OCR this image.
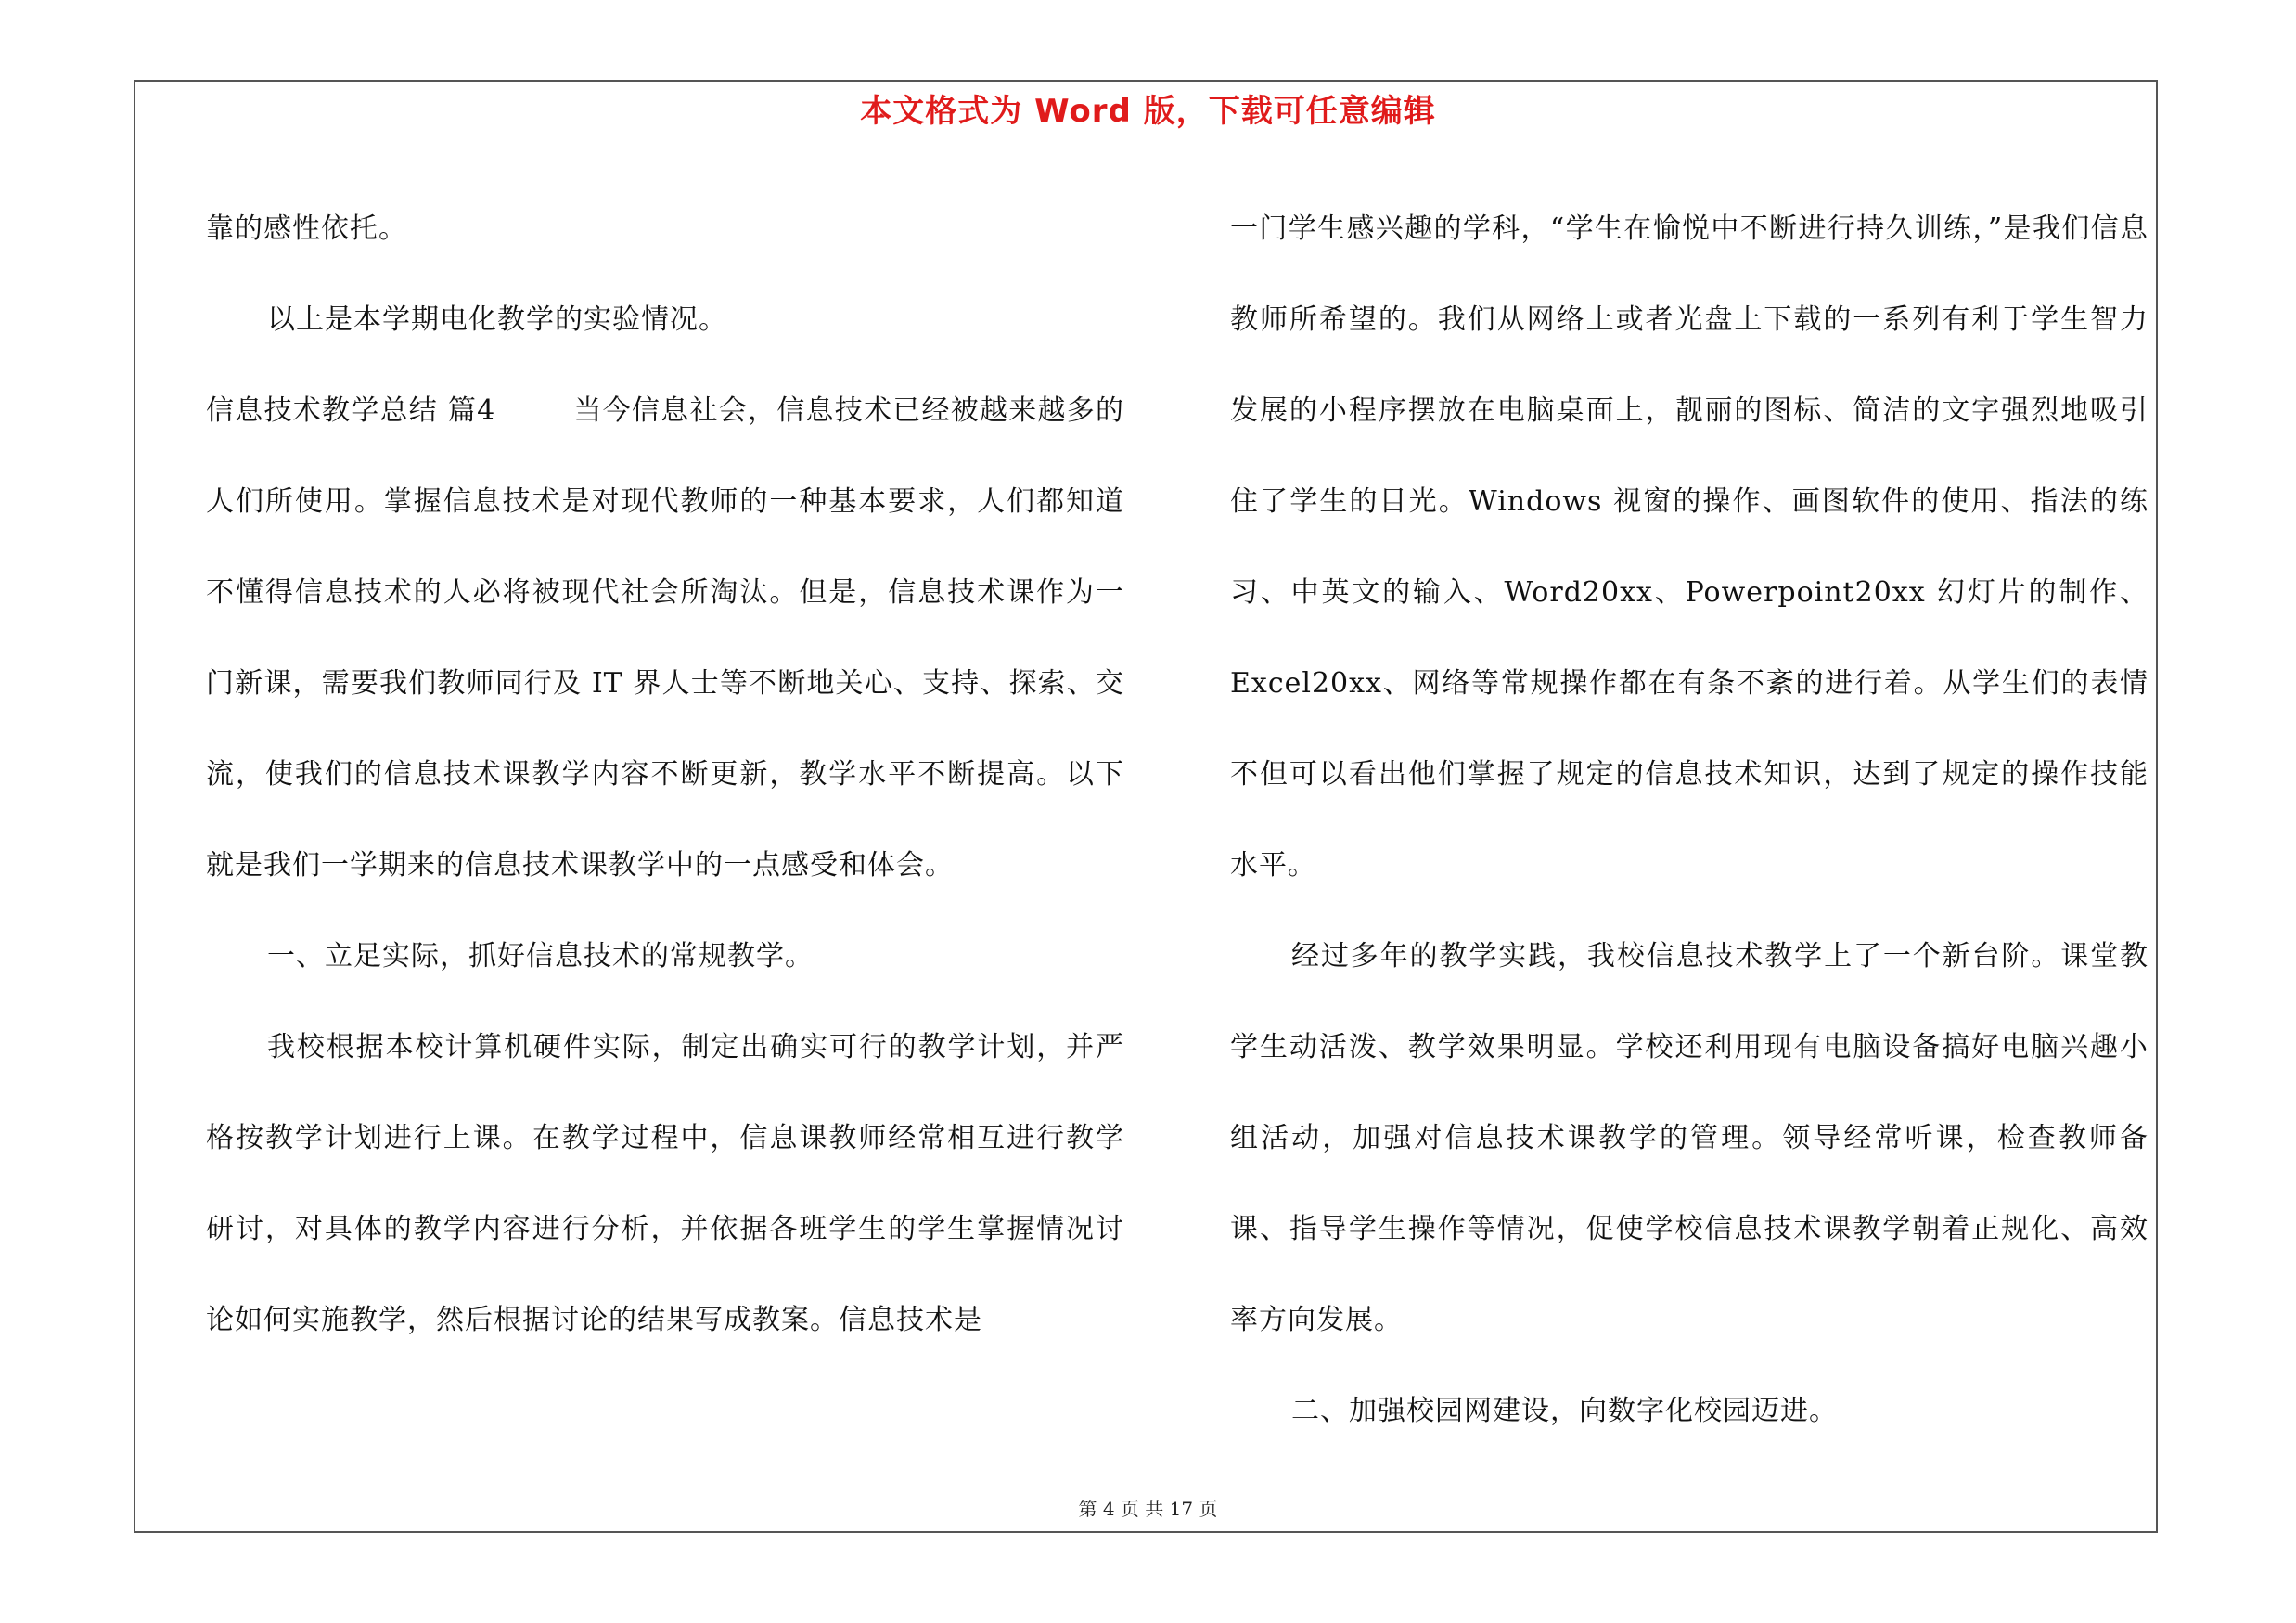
本文格式为 Word 版，下载可任意编辑

靠的感性依托。

以上是本学期电化教学的实验情况。

信息技术教学总结 篇4	当今信息社会，信息技术已经被越来越多的人们所使用。掌握信息技术是对现代教师的一种基本要求，人们都知道不懂得信息技术的人必将被现代社会所淘汰。但是，信息技术课作为一门新课，需要我们教师同行及 IT 界人士等不断地关心、支持、探索、交流，使我们的信息技术课教学内容不断更新，教学水平不断提高。以下就是我们一学期来的信息技术课教学中的一点感受和体会。

一、立足实际，抓好信息技术的常规教学。

我校根据本校计算机硬件实际，制定出确实可行的教学计划，并严格按教学计划进行上课。在教学过程中，信息课教师经常相互进行教学研讨，对具体的教学内容进行分析，并依据各班学生的学生掌握情况讨论如何实施教学，然后根据讨论的结果写成教案。信息技术是

一门学生感兴趣的学科，“学生在愉悦中不断进行持久训练，”是我们信息教师所希望的。我们从网络上或者光盘上下载的一系列有利于学生智力发展的小程序摆放在电脑桌面上，靓丽的图标、简洁的文字强烈地吸引住了学生的目光。Windows 视窗的操作、画图软件的使用、指法的练习、中英文的输入、Word20xx、Powerpoint20xx 幻灯片的制作、Excel20xx、网络等常规操作都在有条不紊的进行着。从学生们的表情不但可以看出他们掌握了规定的信息技术知识，达到了规定的操作技能水平。

经过多年的教学实践，我校信息技术教学上了一个新台阶。课堂教学生动活泼、教学效果明显。学校还利用现有电脑设备搞好电脑兴趣小组活动，加强对信息技术课教学的管理。领导经常听课，检查教师备课、指导学生操作等情况，促使学校信息技术课教学朝着正规化、高效率方向发展。

二、加强校园网建设，向数字化校园迈进。

第 4 页 共 17 页
